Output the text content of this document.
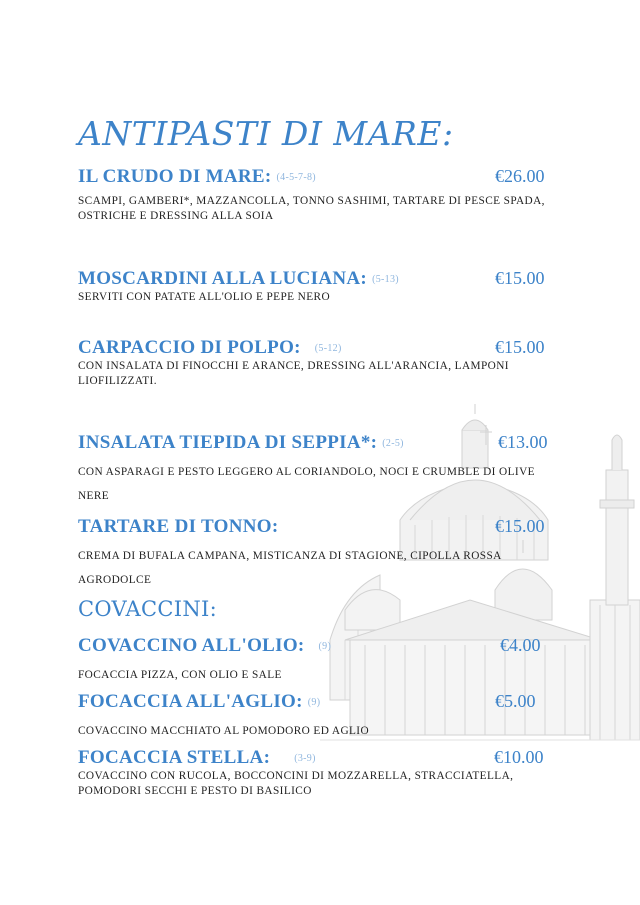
ANTIPASTI DI MARE:
IL CRUDO DI MARE: (4-5-7-8)	€26.00

SCAMPI, GAMBERI*, MAZZANCOLLA, TONNO SASHIMI, TARTARE DI PESCE SPADA, OSTRICHE E DRESSING ALLA SOIA

MOSCARDINI ALLA LUCIANA: (5-13)	€15.00

SERVITI CON PATATE ALL'OLIO E PEPE NERO

CARPACCIO DI POLPO: (5-12)	€15.00

CON INSALATA DI FINOCCHI E ARANCE, DRESSING ALL'ARANCIA, LAMPONI LIOFILIZZATI.

INSALATA TIEPIDA DI SEPPIA*: (2-5)	€13.00

CON ASPARAGI E PESTO LEGGERO AL CORIANDOLO, NOCI E CRUMBLE DI OLIVE NERE

TARTARE DI TONNO:	€15.00

CREMA DI BUFALA CAMPANA, MISTICANZA DI STAGIONE, CIPOLLA ROSSA AGRODOLCE

COVACCINI:
COVACCINO ALL'OLIO: (9)	€4.00

FOCACCIA PIZZA, CON OLIO E SALE

FOCACCIA ALL'AGLIO: (9)	€5.00

COVACCINO MACCHIATO AL POMODORO ED AGLIO

FOCACCIA STELLA: (3-9)	€10.00

COVACCINO CON RUCOLA, BOCCONCINI DI MOZZARELLA, STRACCIATELLA, POMODORI SECCHI E PESTO DI BASILICO
